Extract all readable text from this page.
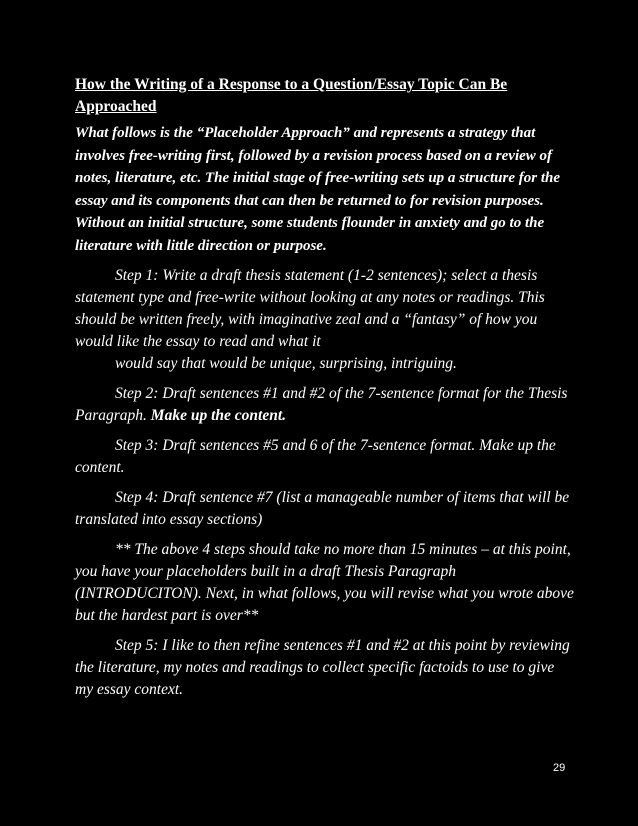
How the Writing of a Response to a Question/Essay Topic Can Be Approached

What follows is the “Placeholder Approach” and represents a strategy that involves free-writing first, followed by a revision process based on a review of notes, literature, etc. The initial stage of free-writing sets up a structure for the essay and its components that can then be returned to for revision purposes. Without an initial structure, some students flounder in anxiety and go to the literature with little direction or purpose.

Step 1: Write a draft thesis statement (1-2 sentences); select a thesis statement type and free-write without looking at any notes or readings. This should be written freely, with imaginative zeal and a “fantasy” of how you would like the essay to read and what it
would say that would be unique, surprising, intriguing.

Step 2: Draft sentences #1 and #2 of the 7-sentence format for the Thesis Paragraph. Make up the content.

Step 3: Draft sentences #5 and 6 of the 7-sentence format. Make up the content.

Step 4: Draft sentence #7 (list a manageable number of items that will be translated into essay sections)

** The above 4 steps should take no more than 15 minutes – at this point, you have your placeholders built in a draft Thesis Paragraph (INTRODUCITON). Next, in what follows, you will revise what you wrote above but the hardest part is over**

Step 5: I like to then refine sentences #1 and #2 at this point by reviewing the literature, my notes and readings to collect specific factoids to use to give my essay context.

29
